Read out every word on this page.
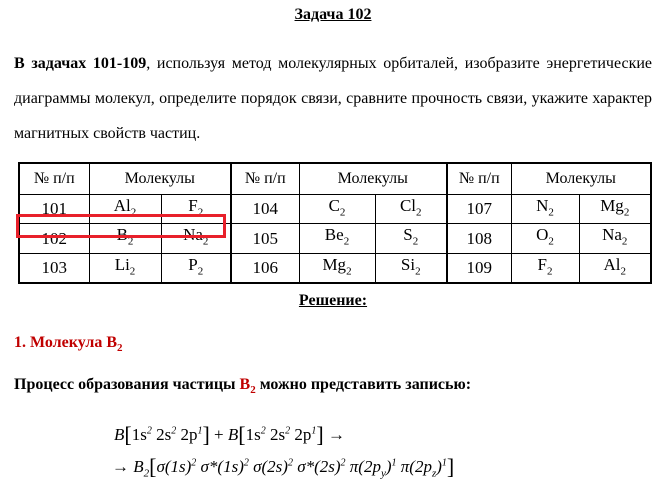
Задача 102
В задачах 101-109, используя метод молекулярных орбиталей, изобразите энергетические диаграммы молекул, определите порядок связи, сравните прочность связи, укажите характер магнитных свойств частиц.
№ п/п	Молекулы		№ п/п	Молекулы		№ п/п	Молекулы	
101	$Al_2$	$F_2$	104	$C_2$	$Cl_2$	107	$N_2$	$Mg_2$
102	$B_2$	$Na_2$	105	$Be_2$	$S_2$	108	$O_2$	$Na_2$
103	$Li_2$	$P_2$	106	$Mg_2$	$Si_2$	109	$F_2$	$Al_2$
Решение:
1. Молекула $B_2$
Процесс образования частицы $B_2$ можно представить записью:
$B[1s^2$ $2s^2$ $2p^1] + B[1s^2$ $2s^2$ $2p^1$] →
→ $B_2[\sigma(1s)^2$ $\sigma*(1s)^2$ $\sigma(2s)^2$ $\sigma*(2s)^2$ $\pi(2p_y)^1$ $\pi(2p_z)^1$]
